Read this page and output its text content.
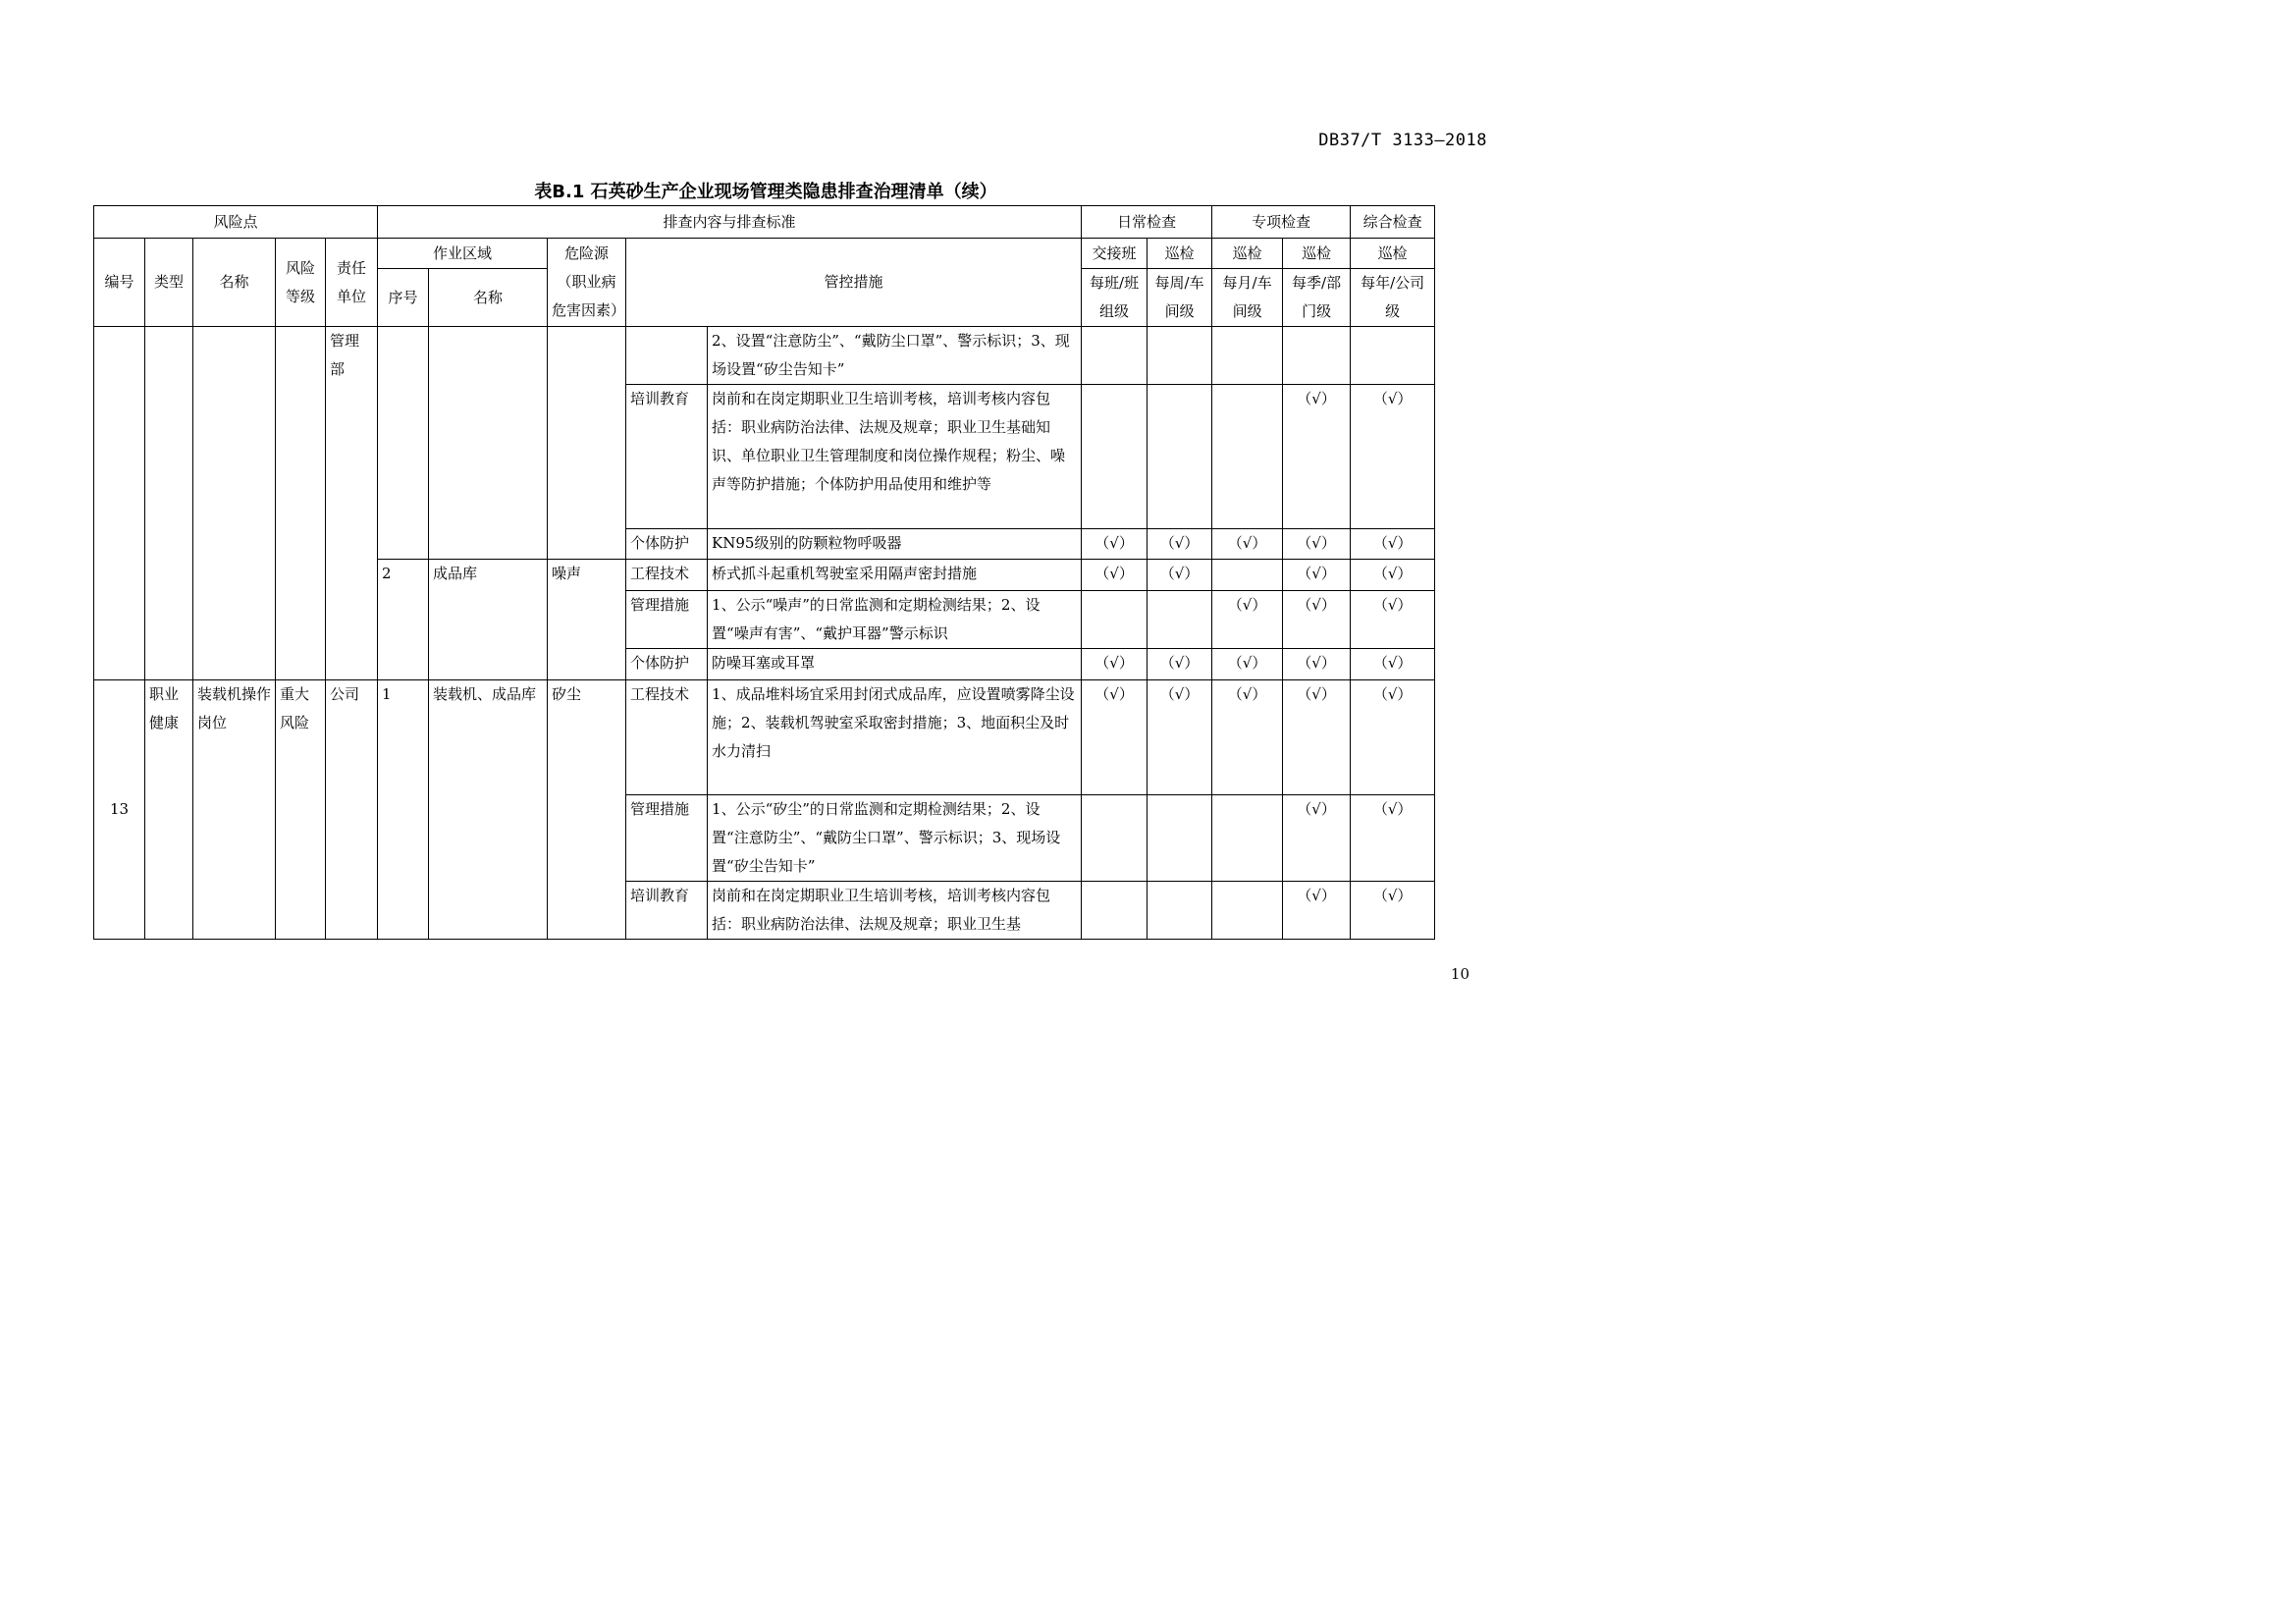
DB37/T 3133—2018
表B.1 石英砂生产企业现场管理类隐患排查治理清单（续）
风险点					排查内容与排查标准					日常检查		专项检查		综合检查
编号	类型	名称	风险等级	责任单位	作业区域		危险源（职业病危害因素）	管控措施		交接班	巡检	巡检	巡检	巡检
					序号	名称				每班/班组级	每周/车间级	每月/车间级	每季/部门级	每年/公司级
				管理部					2、设置“注意防尘”、“戴防尘口罩”、警示标识；3、现场设置“矽尘告知卡”					
								培训教育	岗前和在岗定期职业卫生培训考核，培训考核内容包括：职业病防治法律、法规及规章；职业卫生基础知识、单位职业卫生管理制度和岗位操作规程；粉尘、噪声等防护措施；个体防护用品使用和维护等				（√）	（√）
								个体防护	KN95级别的防颗粒物呼吸器	（√）	（√）	（√）	（√）	（√）
					2	成品库	噪声	工程技术	桥式抓斗起重机驾驶室采用隔声密封措施	（√）	（√）		（√）	（√）
								管理措施	1、公示“噪声”的日常监测和定期检测结果；2、设置“噪声有害”、“戴护耳器”警示标识			（√）	（√）	（√）
								个体防护	防噪耳塞或耳罩	（√）	（√）	（√）	（√）	（√）
13	职业健康	装载机操作岗位	重大风险	公司	1	装载机、成品库	矽尘	工程技术	1、成品堆料场宜采用封闭式成品库，应设置喷雾降尘设施；2、装载机驾驶室采取密封措施；3、地面积尘及时水力清扫	（√）	（√）	（√）	（√）	（√）
								管理措施	1、公示“矽尘”的日常监测和定期检测结果；2、设置“注意防尘”、“戴防尘口罩”、警示标识；3、现场设置“矽尘告知卡”				（√）	（√）
								培训教育	岗前和在岗定期职业卫生培训考核，培训考核内容包括：职业病防治法律、法规及规章；职业卫生基				（√）	（√）
10
